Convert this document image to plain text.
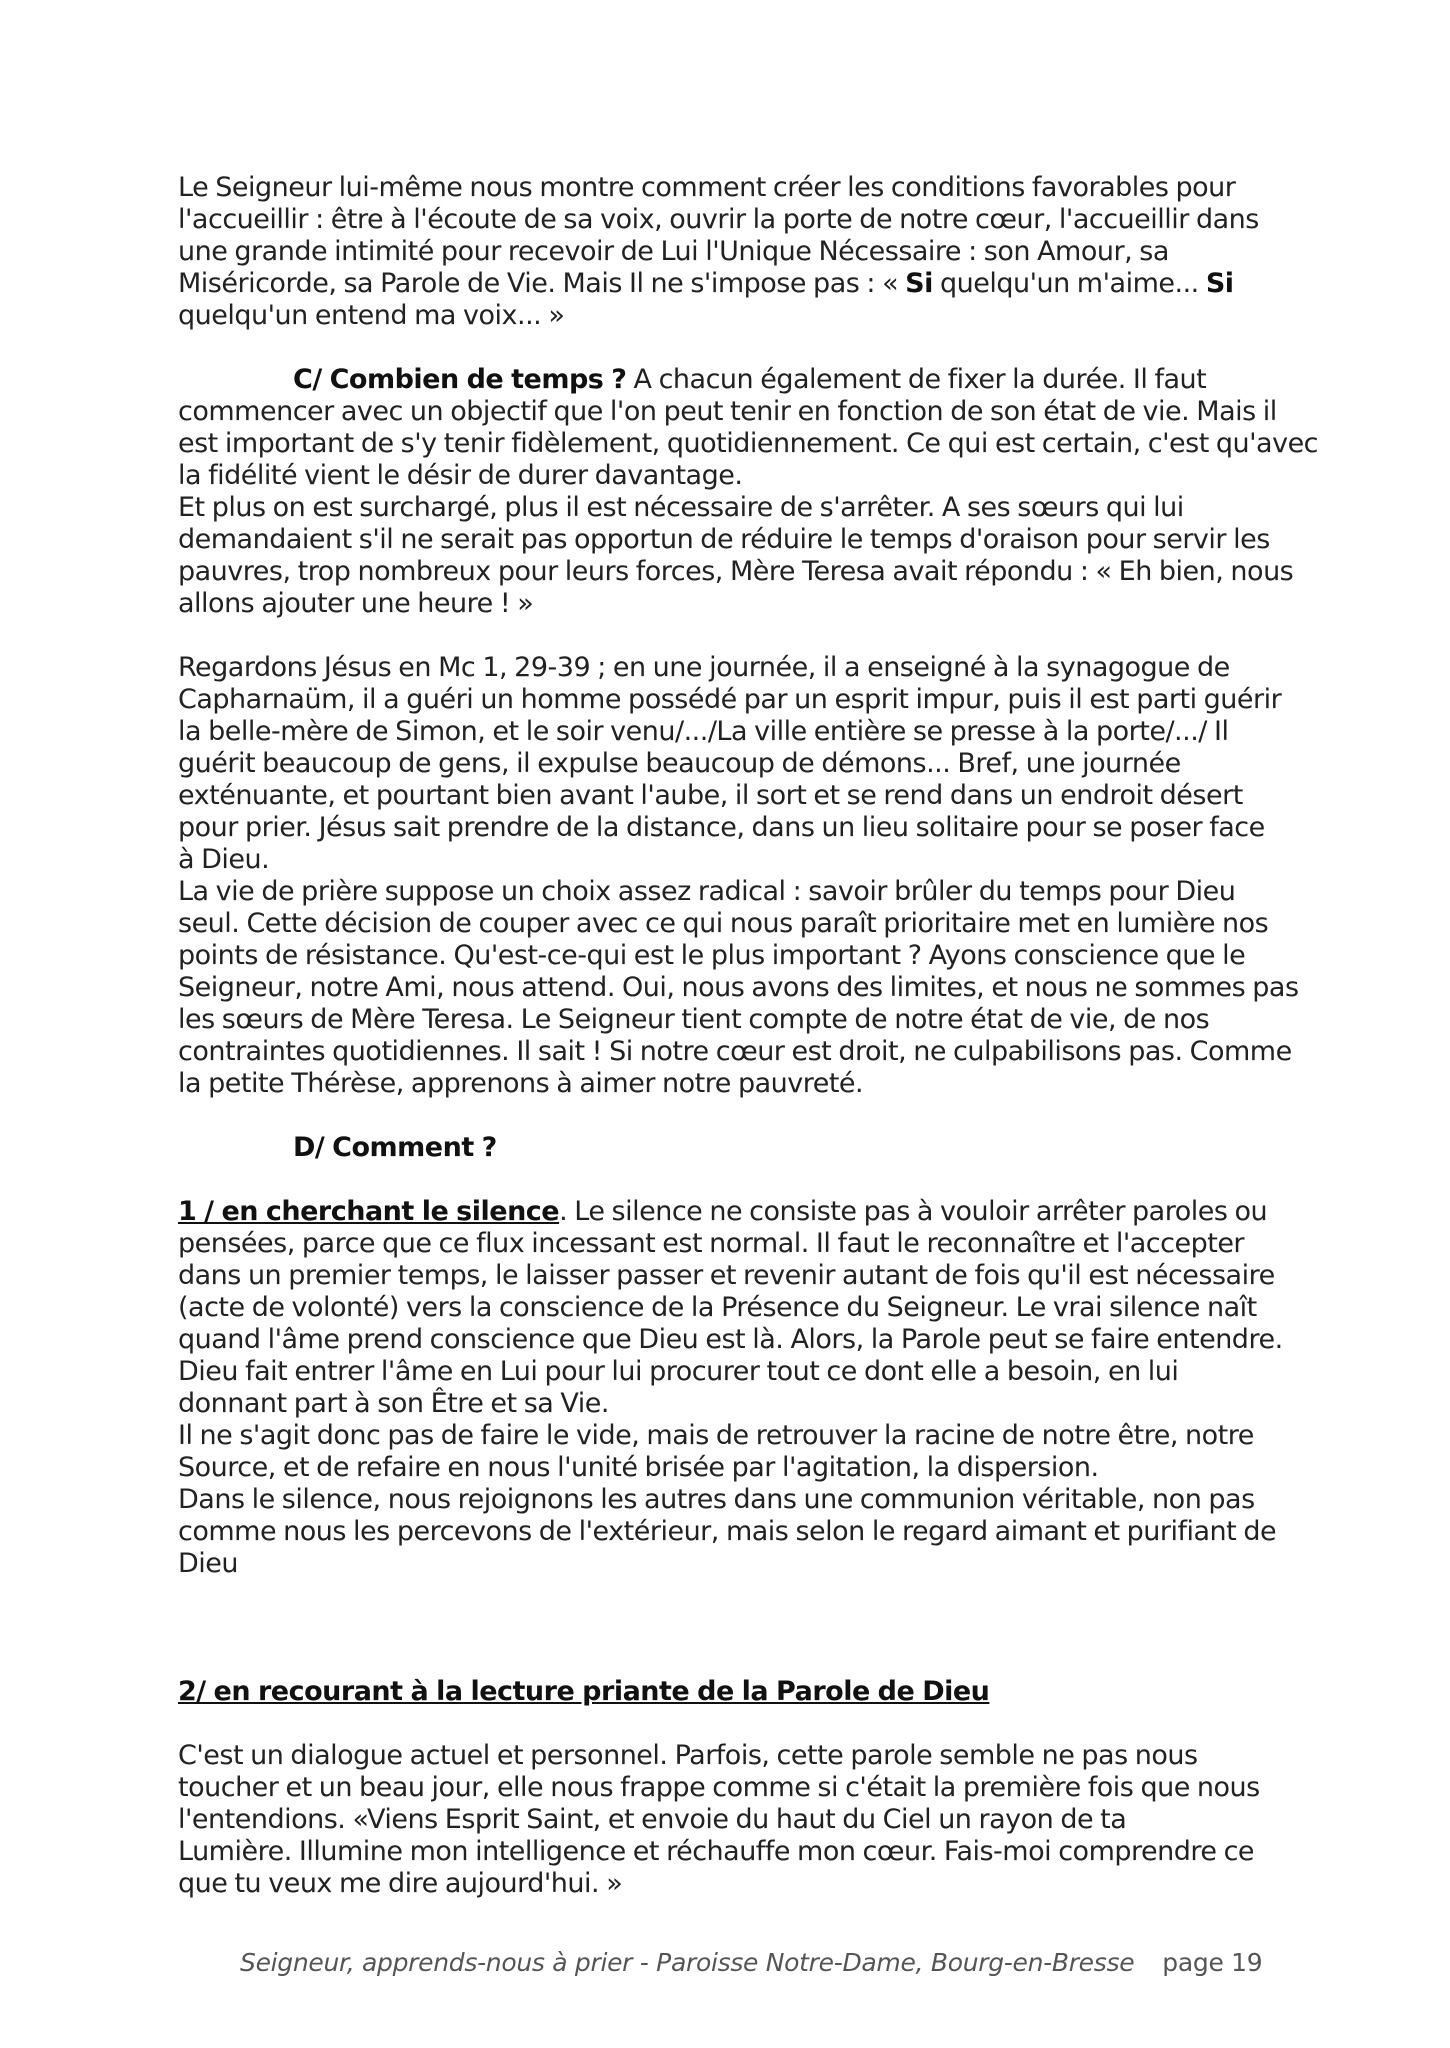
Le Seigneur lui-même nous montre comment créer les conditions favorables pour
l'accueillir : être à l'écoute de sa voix, ouvrir la porte de notre cœur, l'accueillir dans
une grande intimité pour recevoir de Lui l'Unique Nécessaire : son Amour, sa
Miséricorde, sa Parole de Vie. Mais Il ne s'impose pas : « Si quelqu'un m'aime... Si
quelqu'un entend ma voix... »
C/ Combien de temps ? A chacun également de fixer la durée. Il faut
commencer avec un objectif que l'on peut tenir en fonction de son état de vie. Mais il
est important de s'y tenir fidèlement, quotidiennement. Ce qui est certain, c'est qu'avec
la fidélité vient le désir de durer davantage.
Et plus on est surchargé, plus il est nécessaire de s'arrêter. A ses sœurs qui lui
demandaient s'il ne serait pas opportun de réduire le temps d'oraison pour servir les
pauvres, trop nombreux pour leurs forces, Mère Teresa avait répondu : « Eh bien, nous
allons ajouter une heure ! »
Regardons Jésus en Mc 1, 29-39 ; en une journée, il a enseigné à la synagogue de
Capharnaüm, il a guéri un homme possédé par un esprit impur, puis il est parti guérir
la belle-mère de Simon, et le soir venu/.../La ville entière se presse à la porte/.../ Il
guérit beaucoup de gens, il expulse beaucoup de démons... Bref, une journée
exténuante, et pourtant bien avant l'aube, il sort et se rend dans un endroit désert
pour prier. Jésus sait prendre de la distance, dans un lieu solitaire pour se poser face
à Dieu.
La vie de prière suppose un choix assez radical : savoir brûler du temps pour Dieu
seul. Cette décision de couper avec ce qui nous paraît prioritaire met en lumière nos
points de résistance. Qu'est-ce-qui est le plus important ? Ayons conscience que le
Seigneur, notre Ami, nous attend. Oui, nous avons des limites, et nous ne sommes pas
les sœurs de Mère Teresa. Le Seigneur tient compte de notre état de vie, de nos
contraintes quotidiennes. Il sait ! Si notre cœur est droit, ne culpabilisons pas. Comme
la petite Thérèse, apprenons à aimer notre pauvreté.
D/ Comment ?
1 / en cherchant le silence. Le silence ne consiste pas à vouloir arrêter paroles ou
pensées, parce que ce flux incessant est normal. Il faut le reconnaître et l'accepter
dans un premier temps, le laisser passer et revenir autant de fois qu'il est nécessaire
(acte de volonté) vers la conscience de la Présence du Seigneur. Le vrai silence naît
quand l'âme prend conscience que Dieu est là. Alors, la Parole peut se faire entendre.
Dieu fait entrer l'âme en Lui pour lui procurer tout ce dont elle a besoin, en lui
donnant part à son Être et sa Vie.
Il ne s'agit donc pas de faire le vide, mais de retrouver la racine de notre être, notre
Source, et de refaire en nous l'unité brisée par l'agitation, la dispersion.
Dans le silence, nous rejoignons les autres dans une communion véritable, non pas
comme nous les percevons de l'extérieur, mais selon le regard aimant et purifiant de
Dieu
2/ en recourant à la lecture priante de la Parole de Dieu
C'est un dialogue actuel et personnel. Parfois, cette parole semble ne pas nous
toucher et un beau jour, elle nous frappe comme si c'était la première fois que nous
l'entendions. «Viens Esprit Saint, et envoie du haut du Ciel un rayon de ta
Lumière. Illumine mon intelligence et réchauffe mon cœur. Fais-moi comprendre ce
que tu veux me dire aujourd'hui. »
Seigneur, apprends-nous à prier - Paroisse Notre-Dame, Bourg-en-Bresse page 19
